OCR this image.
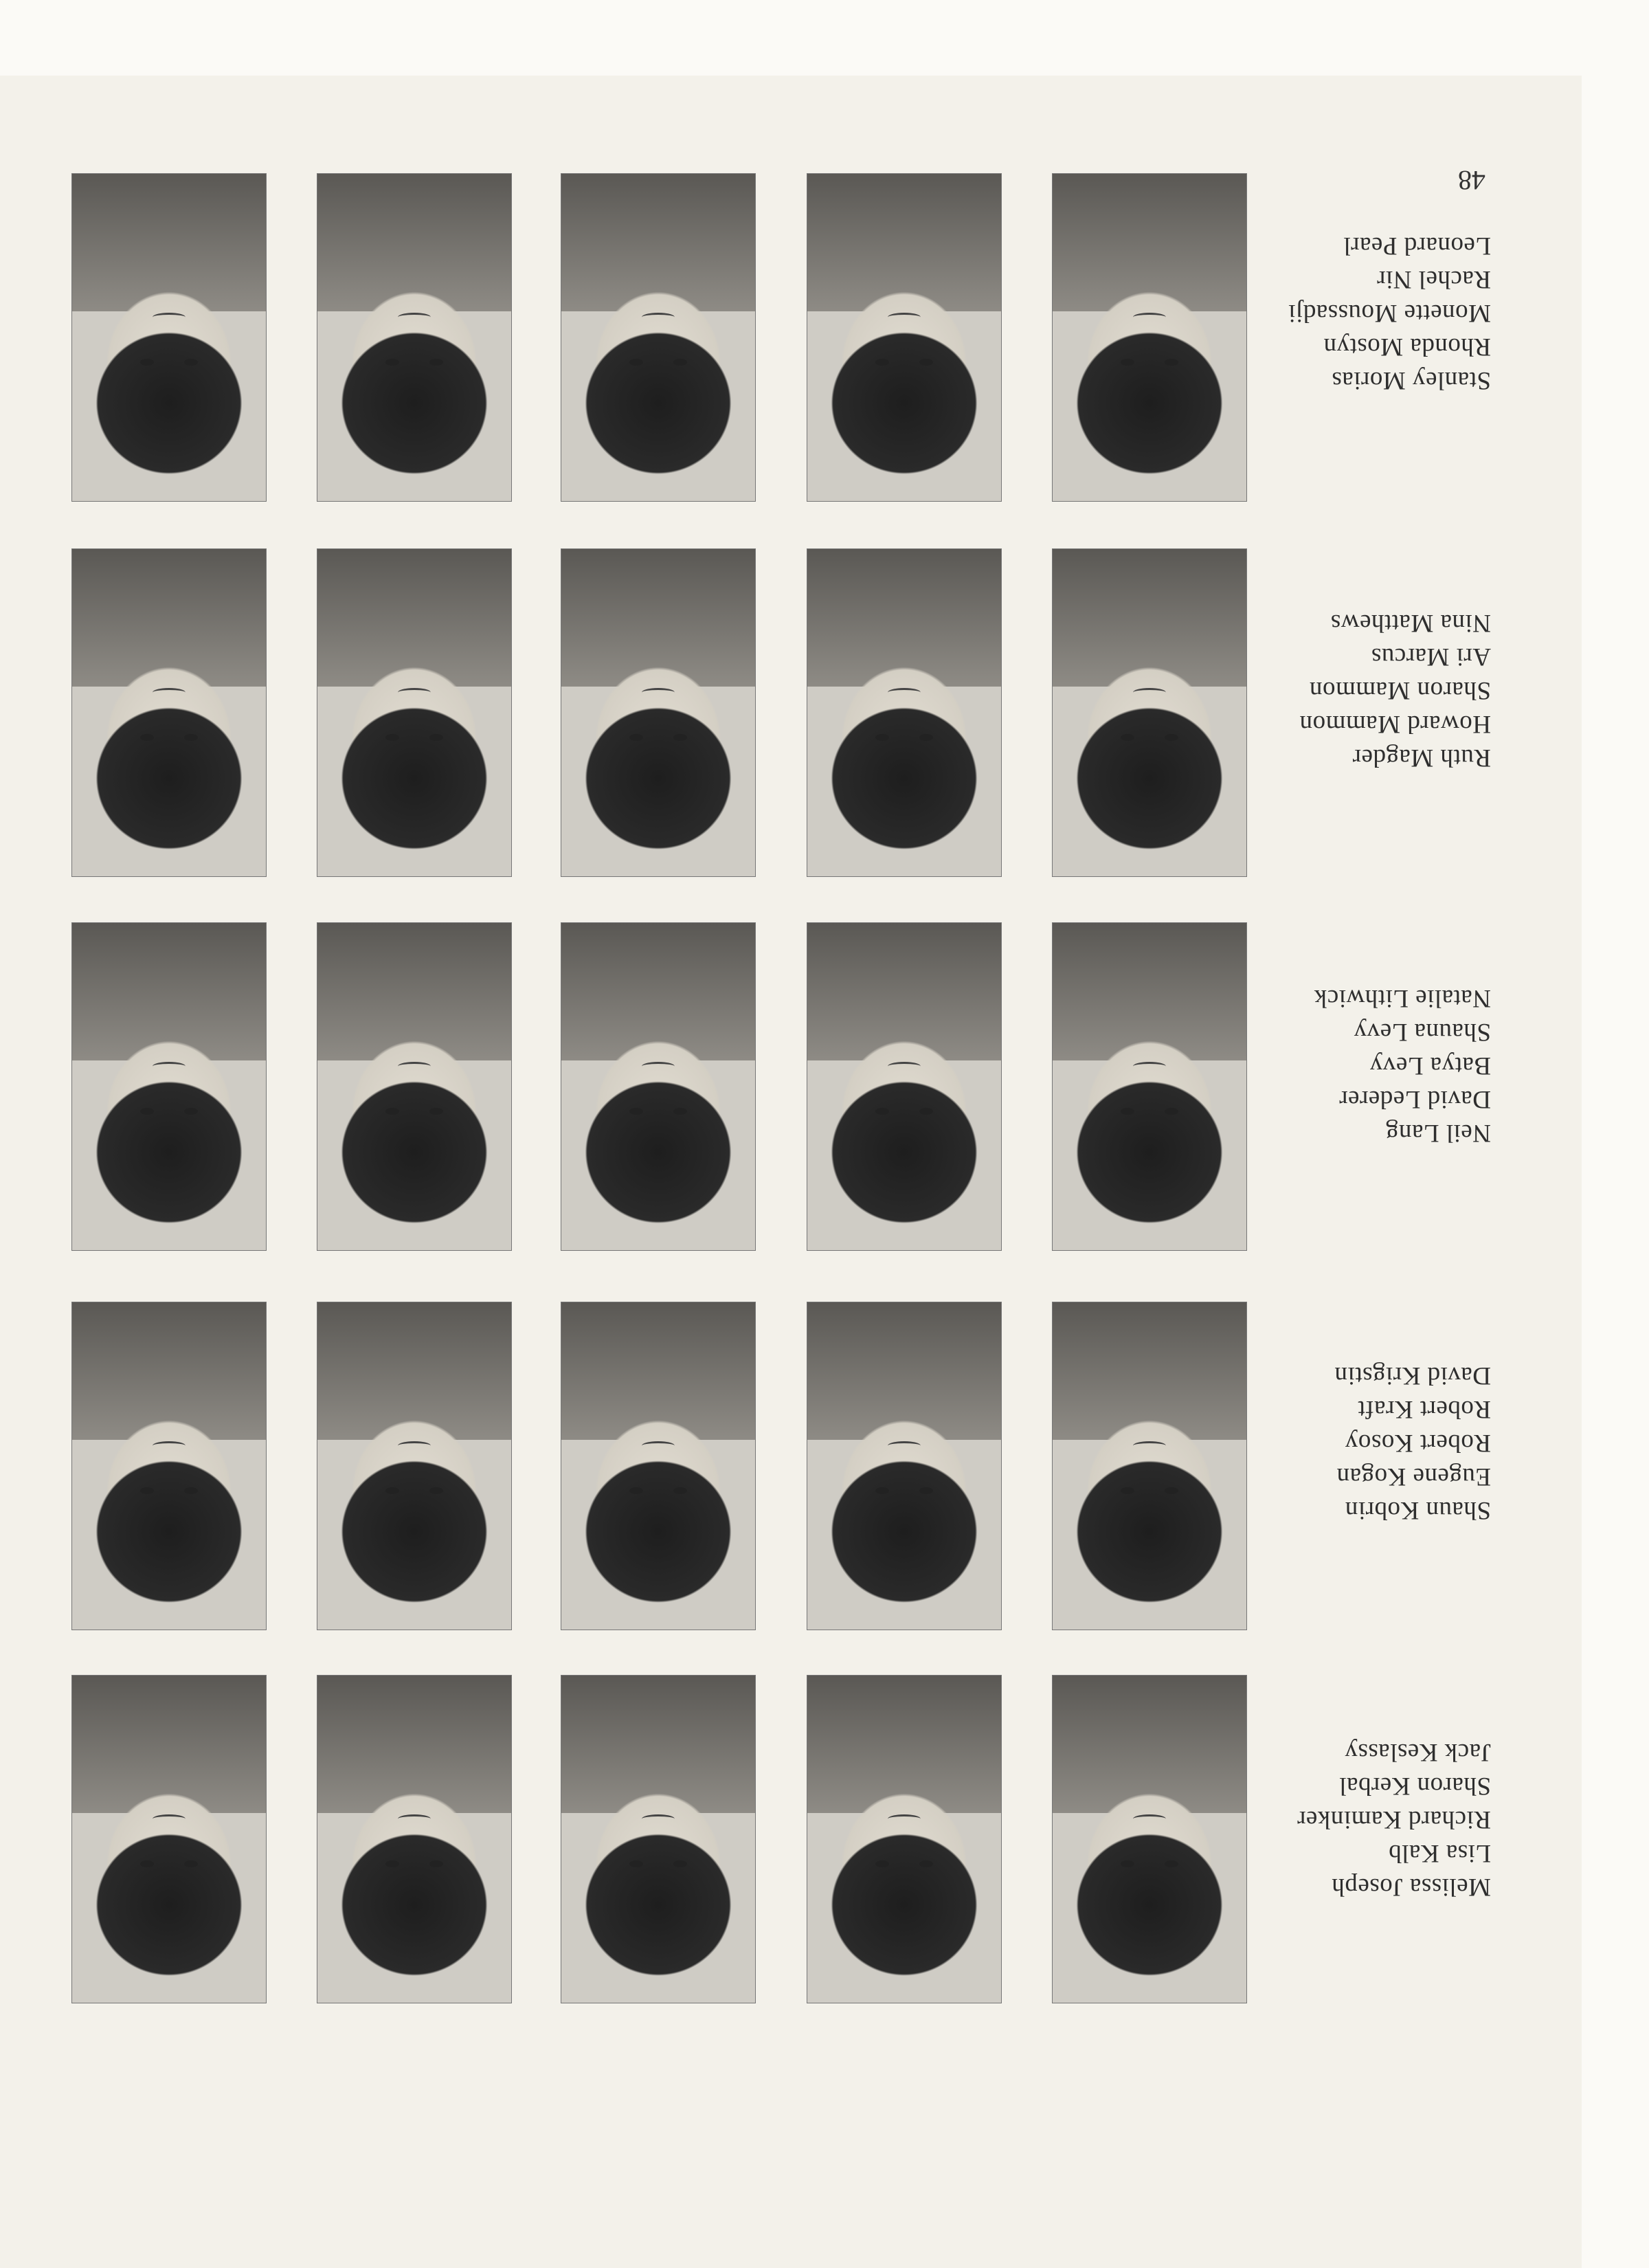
48
Melissa Joseph
Lisa Kalb
Richard Kaminker
Sharon Kerbal
Jack Keslassy
Shaun Kobrin
Eugene Kogan
Robert Kosoy
Robert Kraft
David Krigstin
Neil Lang
David Lederer
Batya Levy
Shauna Levy
Natalie Lithwick
Ruth Magder
Howard Mammon
Sharon Mammon
Ari Marcus
Nina Matthews
Stanley Morias
Rhonda Mostyn
Monette Moussadji
Rachel Nir
Leonard Pearl
